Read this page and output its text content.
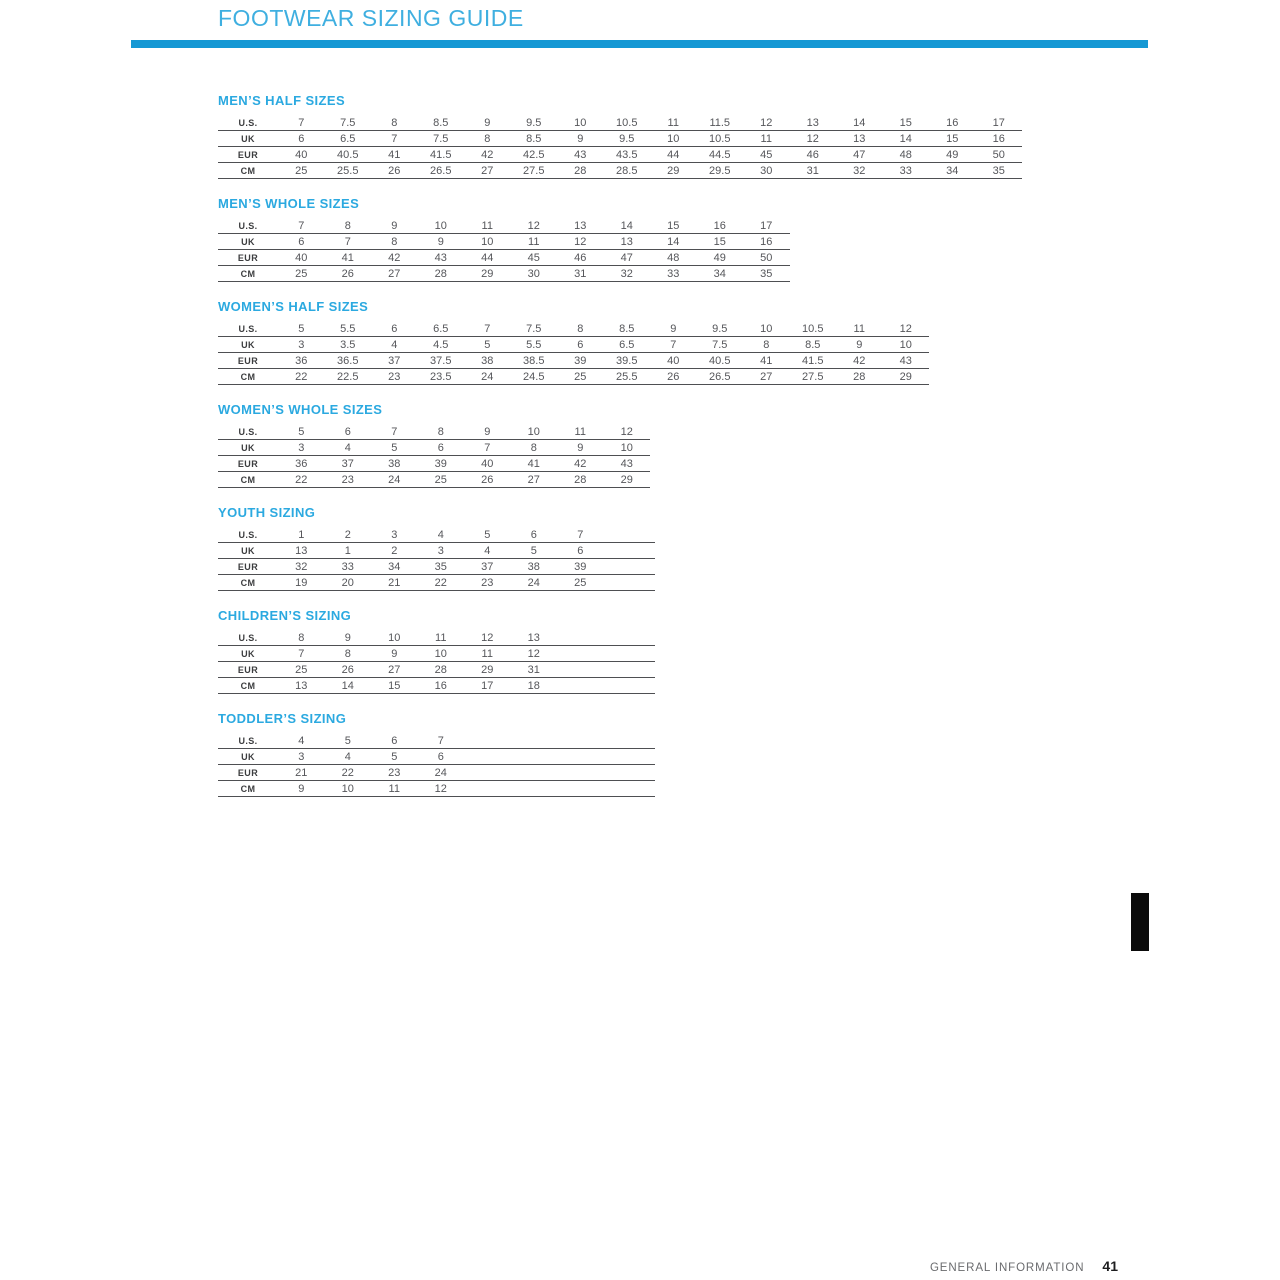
FOOTWEAR SIZING GUIDE
MEN’S HALF SIZES
U.S.	7	7.5	8	8.5	9	9.5	10	10.5	11	11.5	12	13	14	15	16	17
UK	6	6.5	7	7.5	8	8.5	9	9.5	10	10.5	11	12	13	14	15	16
EUR	40	40.5	41	41.5	42	42.5	43	43.5	44	44.5	45	46	47	48	49	50
CM	25	25.5	26	26.5	27	27.5	28	28.5	29	29.5	30	31	32	33	34	35
MEN’S WHOLE SIZES
U.S.	7	8	9	10	11	12	13	14	15	16	17
UK	6	7	8	9	10	11	12	13	14	15	16
EUR	40	41	42	43	44	45	46	47	48	49	50
CM	25	26	27	28	29	30	31	32	33	34	35
WOMEN’S HALF SIZES
U.S.	5	5.5	6	6.5	7	7.5	8	8.5	9	9.5	10	10.5	11	12
UK	3	3.5	4	4.5	5	5.5	6	6.5	7	7.5	8	8.5	9	10
EUR	36	36.5	37	37.5	38	38.5	39	39.5	40	40.5	41	41.5	42	43
CM	22	22.5	23	23.5	24	24.5	25	25.5	26	26.5	27	27.5	28	29
WOMEN’S WHOLE SIZES
U.S.	5	6	7	8	9	10	11	12
UK	3	4	5	6	7	8	9	10
EUR	36	37	38	39	40	41	42	43
CM	22	23	24	25	26	27	28	29
YOUTH SIZING
U.S.	1	2	3	4	5	6	7
UK	13	1	2	3	4	5	6
EUR	32	33	34	35	37	38	39
CM	19	20	21	22	23	24	25
CHILDREN’S SIZING
U.S.	8	9	10	11	12	13
UK	7	8	9	10	11	12
EUR	25	26	27	28	29	31
CM	13	14	15	16	17	18
TODDLER’S SIZING
U.S.	4	5	6	7
UK	3	4	5	6
EUR	21	22	23	24
CM	9	10	11	12
GENERAL INFORMATION 41
